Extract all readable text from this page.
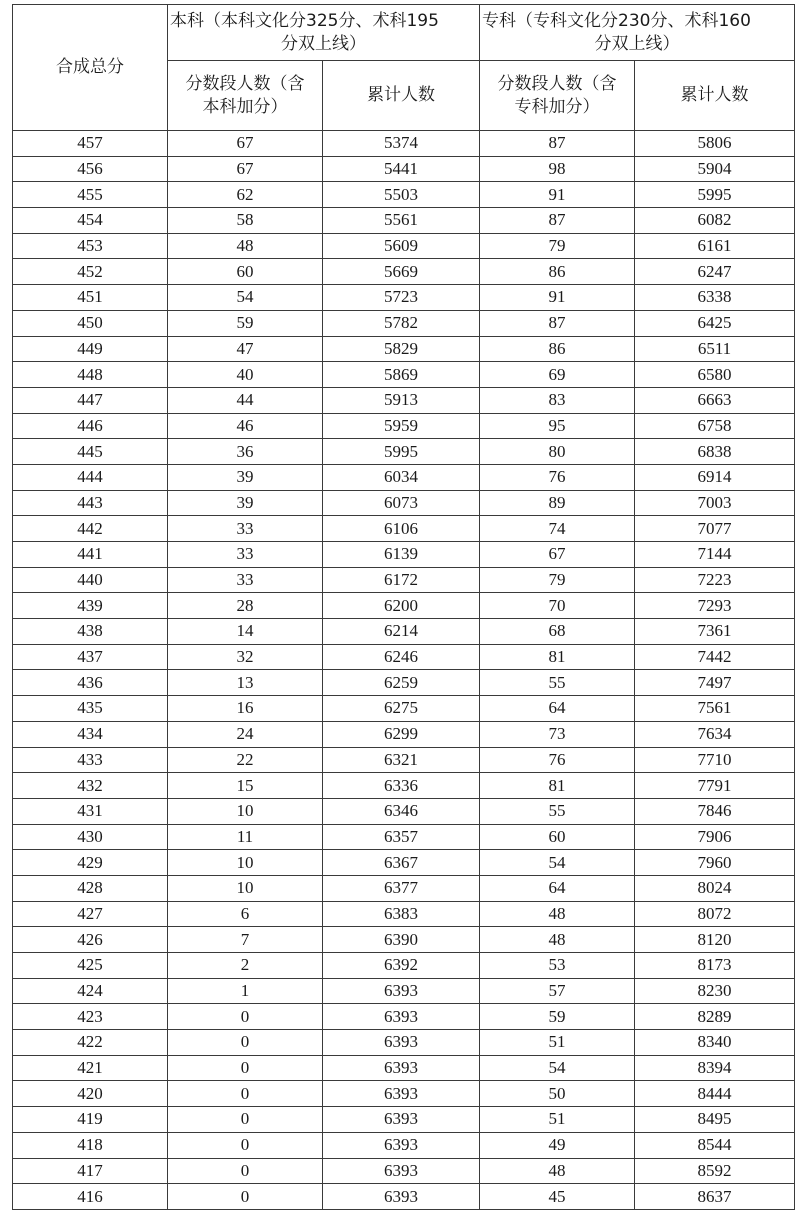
合成总分	本科（本科文化分325分、术科195
分双上线）		专科（专科文化分230分、术科160
分双上线）	

	分数段人数（含
本科加分）	累计人数	分数段人数（含
专科加分）	累计人数
457	67	5374	87	5806
456	67	5441	98	5904
455	62	5503	91	5995
454	58	5561	87	6082
453	48	5609	79	6161
452	60	5669	86	6247
451	54	5723	91	6338
450	59	5782	87	6425
449	47	5829	86	6511
448	40	5869	69	6580
447	44	5913	83	6663
446	46	5959	95	6758
445	36	5995	80	6838
444	39	6034	76	6914
443	39	6073	89	7003
442	33	6106	74	7077
441	33	6139	67	7144
440	33	6172	79	7223
439	28	6200	70	7293
438	14	6214	68	7361
437	32	6246	81	7442
436	13	6259	55	7497
435	16	6275	64	7561
434	24	6299	73	7634
433	22	6321	76	7710
432	15	6336	81	7791
431	10	6346	55	7846
430	11	6357	60	7906
429	10	6367	54	7960
428	10	6377	64	8024
427	6	6383	48	8072
426	7	6390	48	8120
425	2	6392	53	8173
424	1	6393	57	8230
423	0	6393	59	8289
422	0	6393	51	8340
421	0	6393	54	8394
420	0	6393	50	8444
419	0	6393	51	8495
418	0	6393	49	8544
417	0	6393	48	8592
416	0	6393	45	8637
